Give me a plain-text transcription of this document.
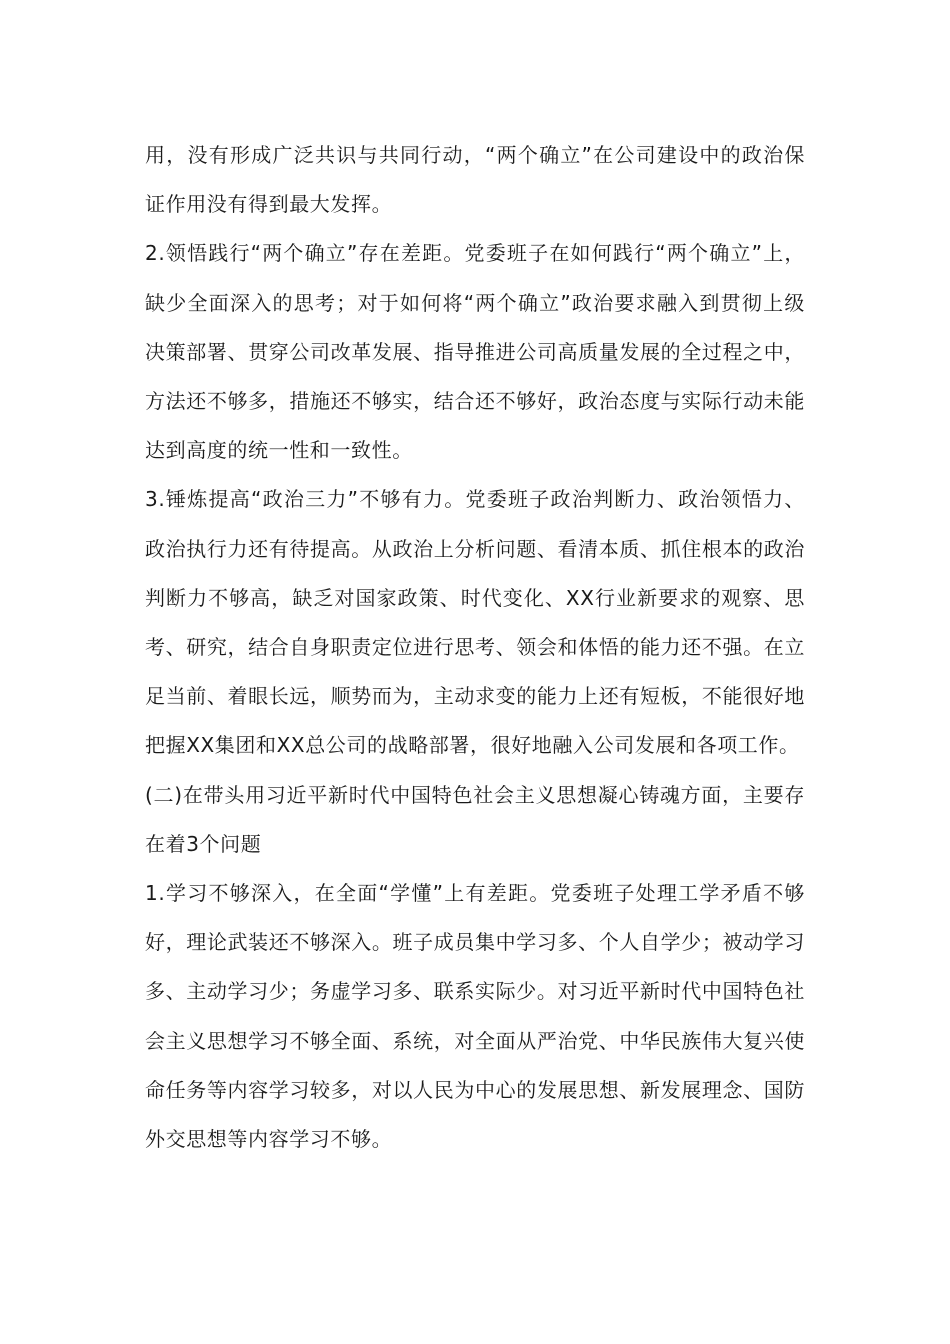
用，没有形成广泛共识与共同行动，“两个确立”在公司建设中的政治保证作用没有得到最大发挥。

2.领悟践行“两个确立”存在差距。党委班子在如何践行“两个确立”上，缺少全面深入的思考；对于如何将“两个确立”政治要求融入到贯彻上级决策部署、贯穿公司改革发展、指导推进公司高质量发展的全过程之中，方法还不够多，措施还不够实，结合还不够好，政治态度与实际行动未能达到高度的统一性和一致性。

3.锤炼提高“政治三力”不够有力。党委班子政治判断力、政治领悟力、政治执行力还有待提高。从政治上分析问题、看清本质、抓住根本的政治判断力不够高，缺乏对国家政策、时代变化、XX行业新要求的观察、思考、研究，结合自身职责定位进行思考、领会和体悟的能力还不强。在立足当前、着眼长远，顺势而为，主动求变的能力上还有短板，不能很好地把握XX集团和XX总公司的战略部署，很好地融入公司发展和各项工作。

(二)在带头用习近平新时代中国特色社会主义思想凝心铸魂方面，主要存在着3个问题

1.学习不够深入，在全面“学懂”上有差距。党委班子处理工学矛盾不够好，理论武装还不够深入。班子成员集中学习多、个人自学少；被动学习多、主动学习少；务虚学习多、联系实际少。对习近平新时代中国特色社会主义思想学习不够全面、系统，对全面从严治党、中华民族伟大复兴使命任务等内容学习较多，对以人民为中心的发展思想、新发展理念、国防外交思想等内容学习不够。
